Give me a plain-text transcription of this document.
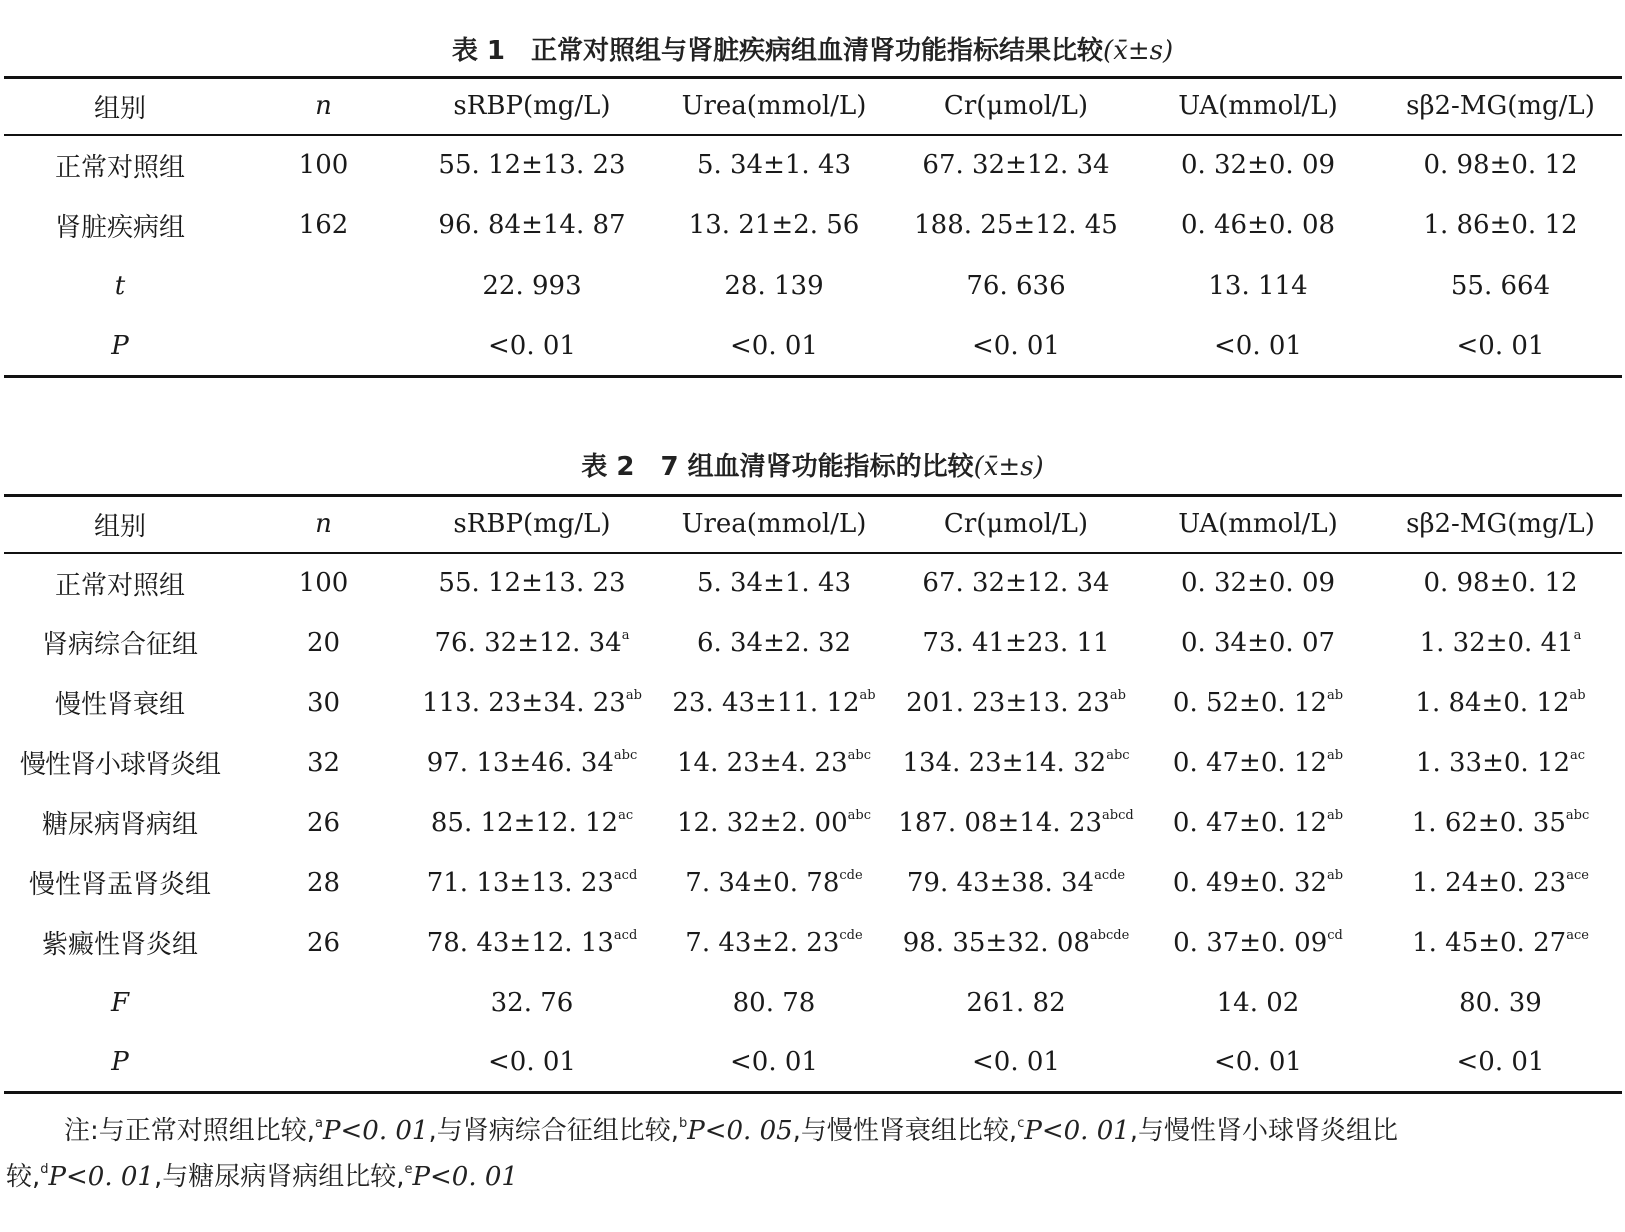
表 1 正常对照组与肾脏疾病组血清肾功能指标结果比较(x̄±s)
组别	n	sRBP(mg/L)	Urea(mmol/L)	Cr(μmol/L)	UA(mmol/L)	sβ2-MG(mg/L)
正常对照组	100	55. 12±13. 23	5. 34±1. 43	67. 32±12. 34	0. 32±0. 09	0. 98±0. 12
肾脏疾病组	162	96. 84±14. 87	13. 21±2. 56	188. 25±12. 45	0. 46±0. 08	1. 86±0. 12
t		22. 993	28. 139	76. 636	13. 114	55. 664
P		<0. 01	<0. 01	<0. 01	<0. 01	<0. 01
表 2 7 组血清肾功能指标的比较(x̄±s)
组别	n	sRBP(mg/L)	Urea(mmol/L)	Cr(μmol/L)	UA(mmol/L)	sβ2-MG(mg/L)
正常对照组	100	55. 12±13. 23	5. 34±1. 43	67. 32±12. 34	0. 32±0. 09	0. 98±0. 12
肾病综合征组	20	76. 32±12. 34$^a$	6. 34±2. 32	73. 41±23. 11	0. 34±0. 07	1. 32±0. 41$^a$
慢性肾衰组	30	113. 23±34. $23^{ab}$	23. 43±11. $12^{ab}$	201. 23±13. $23^{ab}$	0. 52±0. $12^{ab}$	1. 84±0. $12^{ab}$
慢性肾小球肾炎组	32	97. 13±46. $34^{abc}$	14. 23±4. $23^{abc}$	134. 23±14. $32^{abc}$	0. 47±0. $12^{ab}$	1. 33±0. $12^{ac}$
糖尿病肾病组	26	85. 12±12. $12^{ac}$	12. 32±2. $00^{abc}$	187. 08±14. $23^{abcd}$	0. 47±0. $12^{ab}$	1. 62±0. $35^{abc}$
慢性肾盂肾炎组	28	71. 13±13. $23^{acd}$	7. 34±0. $78^{cde}$	79. 43±38. $34^{acde}$	0. 49±0. $32^{ab}$	1. 24±0. $23^{ace}$
紫癜性肾炎组	26	78. 43±12. $13^{acd}$	7. 43±2. $23^{cde}$	98. 35±32. $08^{abcde}$	0. 37±0. $09^{cd}$	1. 45±0. $27^{ace}$
F		32. 76	80. 78	261. 82	14. 02	80. 39
P		<0. 01	<0. 01	<0. 01	<0. 01	<0. 01
注:与正常对照组比较,$^a$P<0. 01,与肾病综合征组比较,$^b$P<0. 05,与慢性肾衰组比较,$^c$P<0. 01,与慢性肾小球肾炎组比
较,$^d$P<0. 01,与糖尿病肾病组比较,$^e$P<0. 01
